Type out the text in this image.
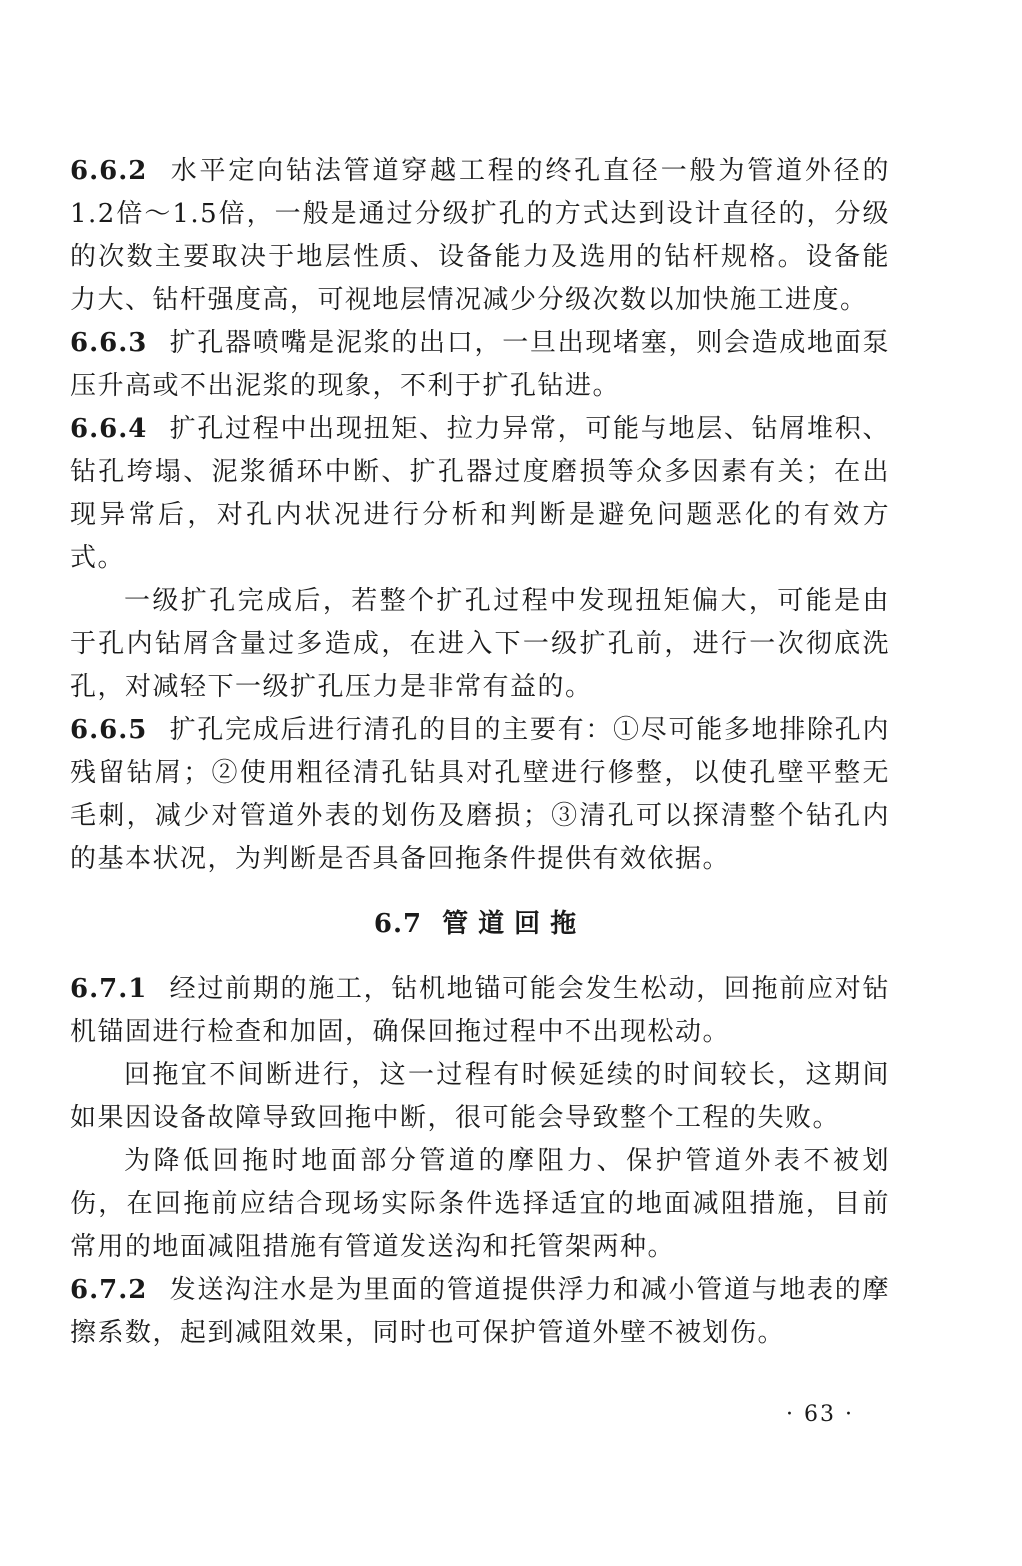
6.6.2 水平定向钻法管道穿越工程的终孔直径一般为管道外径的1.2倍～1.5倍，一般是通过分级扩孔的方式达到设计直径的，分级的次数主要取决于地层性质、设备能力及选用的钻杆规格。设备能力大、钻杆强度高，可视地层情况减少分级次数以加快施工进度。

6.6.3 扩孔器喷嘴是泥浆的出口，一旦出现堵塞，则会造成地面泵压升高或不出泥浆的现象，不利于扩孔钻进。

6.6.4 扩孔过程中出现扭矩、拉力异常，可能与地层、钻屑堆积、钻孔垮塌、泥浆循环中断、扩孔器过度磨损等众多因素有关；在出现异常后，对孔内状况进行分析和判断是避免问题恶化的有效方式。

一级扩孔完成后，若整个扩孔过程中发现扭矩偏大，可能是由于孔内钻屑含量过多造成，在进入下一级扩孔前，进行一次彻底洗孔，对减轻下一级扩孔压力是非常有益的。

6.6.5 扩孔完成后进行清孔的目的主要有：①尽可能多地排除孔内残留钻屑；②使用粗径清孔钻具对孔壁进行修整，以使孔壁平整无毛刺，减少对管道外表的划伤及磨损；③清孔可以探清整个钻孔内的基本状况，为判断是否具备回拖条件提供有效依据。

6.7 管道回拖

6.7.1 经过前期的施工，钻机地锚可能会发生松动，回拖前应对钻机锚固进行检查和加固，确保回拖过程中不出现松动。

回拖宜不间断进行，这一过程有时候延续的时间较长，这期间如果因设备故障导致回拖中断，很可能会导致整个工程的失败。

为降低回拖时地面部分管道的摩阻力、保护管道外表不被划伤，在回拖前应结合现场实际条件选择适宜的地面减阻措施，目前常用的地面减阻措施有管道发送沟和托管架两种。

6.7.2 发送沟注水是为里面的管道提供浮力和减小管道与地表的摩擦系数，起到减阻效果，同时也可保护管道外壁不被划伤。

· 63 ·
